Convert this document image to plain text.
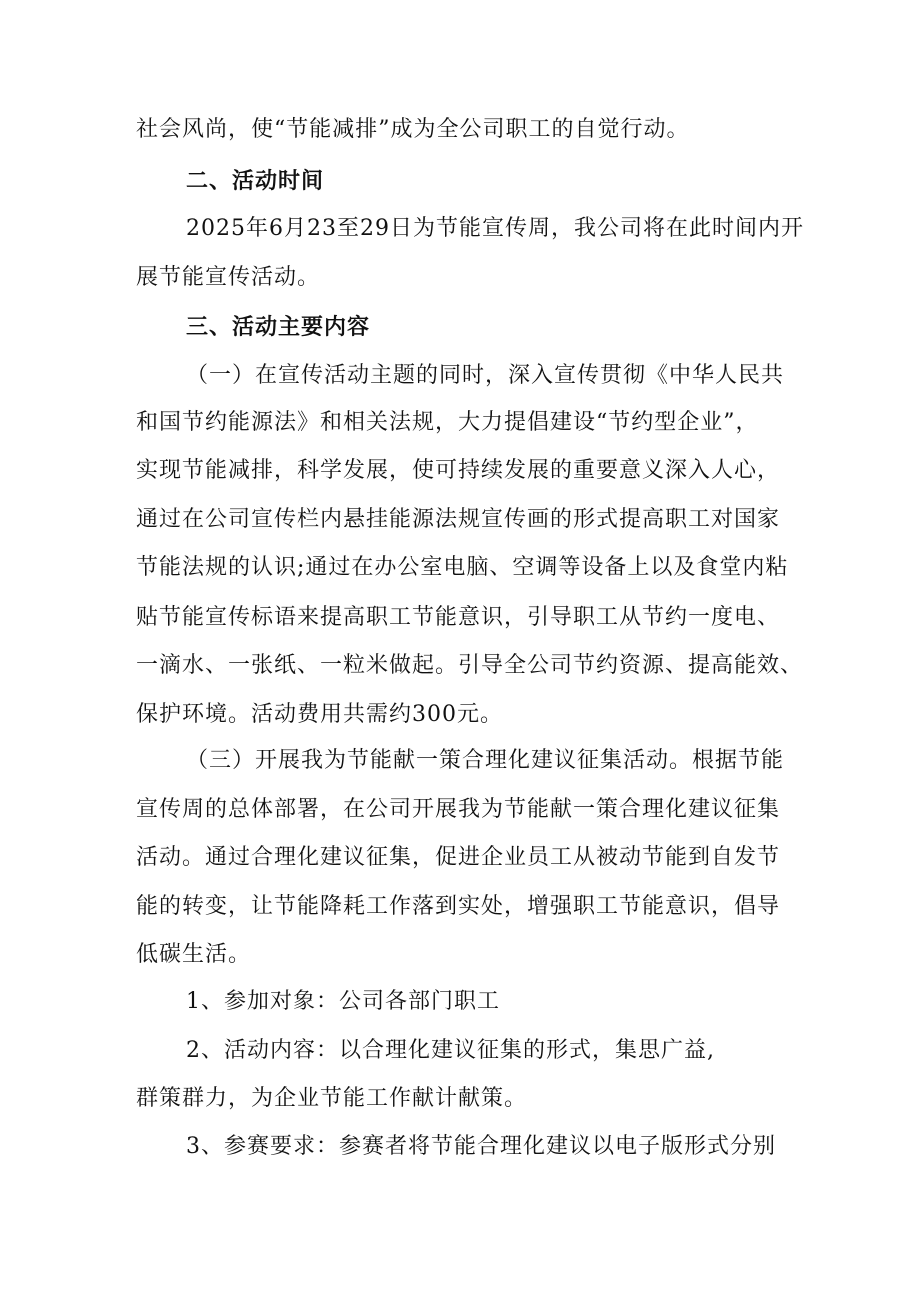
社会风尚，使“节能减排”成为全公司职工的自觉行动。
二、活动时间
2025年6月23至29日为节能宣传周，我公司将在此时间内开
展节能宣传活动。
三、活动主要内容
（一）在宣传活动主题的同时，深入宣传贯彻《中华人民共
和国节约能源法》和相关法规，大力提倡建设“节约型企业”，
实现节能减排，科学发展，使可持续发展的重要意义深入人心，
通过在公司宣传栏内悬挂能源法规宣传画的形式提高职工对国家
节能法规的认识;通过在办公室电脑、空调等设备上以及食堂内粘
贴节能宣传标语来提高职工节能意识，引导职工从节约一度电、
一滴水、一张纸、一粒米做起。引导全公司节约资源、提高能效、
保护环境。活动费用共需约300元。
（三）开展我为节能献一策合理化建议征集活动。根据节能
宣传周的总体部署，在公司开展我为节能献一策合理化建议征集
活动。通过合理化建议征集，促进企业员工从被动节能到自发节
能的转变，让节能降耗工作落到实处，增强职工节能意识，倡导
低碳生活。
1、参加对象：公司各部门职工
2、活动内容：以合理化建议征集的形式，集思广益,
群策群力，为企业节能工作献计献策。
3、参赛要求：参赛者将节能合理化建议以电子版形式分别
